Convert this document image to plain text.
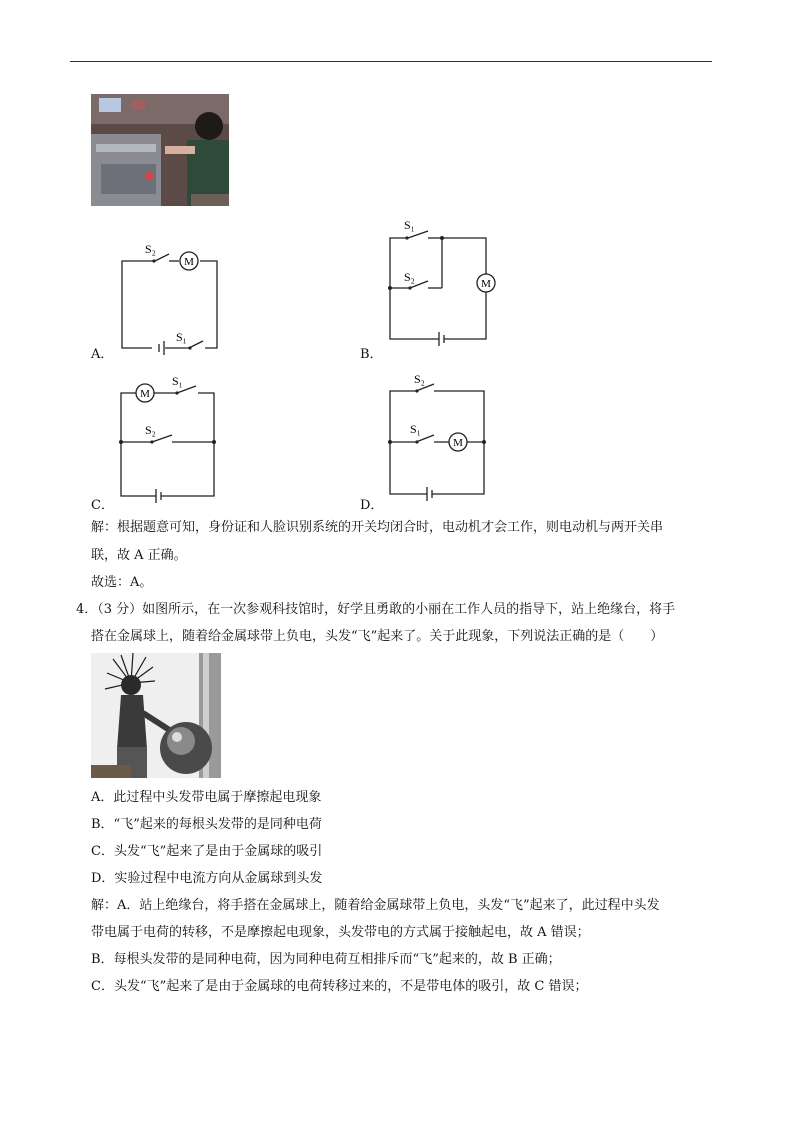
A．
S₂
S₁
M
B．
S₁
S₂	M
C．
S₁
S₂
M
D．
S₂
S₁
M
解：根据题意可知，身份证和人脸识别系统的开关均闭合时，电动机才会工作，则电动机与两开关串
联，故 A 正确。
故选：A。
4．（3 分）如图所示，在一次参观科技馆时，好学且勇敢的小丽在工作人员的指导下，站上绝缘台，将手
搭在金属球上，随着给金属球带上负电，头发“飞”起来了。关于此现象，下列说法正确的是（　　）
A．此过程中头发带电属于摩擦起电现象
B．“飞”起来的每根头发带的是同种电荷
C．头发“飞”起来了是由于金属球的吸引
D．实验过程中电流方向从金属球到头发
解：A．站上绝缘台，将手搭在金属球上，随着给金属球带上负电，头发“飞”起来了，此过程中头发
带电属于电荷的转移，不是摩擦起电现象，头发带电的方式属于接触起电，故 A 错误；
B．每根头发带的是同种电荷，因为同种电荷互相排斥而“飞”起来的，故 B 正确；
C．头发“飞”起来了是由于金属球的电荷转移过来的，不是带电体的吸引，故 C 错误；
